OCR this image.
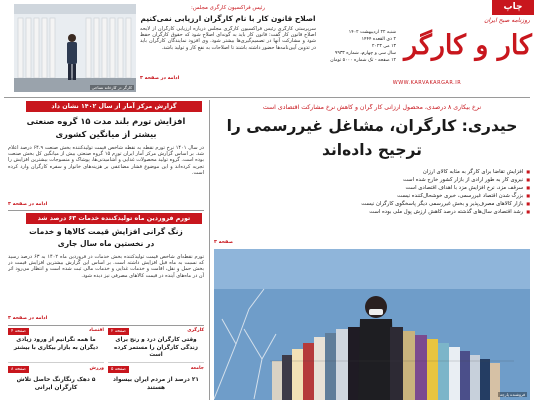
چاپ
روزنامه صبح ایران
کار و کارگر
شنبه ۲۲ اردیبهشت ۱۴۰۲
۲ ذی القعده ۱۴۴۴
۱۳ می ۲۰۲۳
سال سی و چهارم، شماره ۹۹۳۳
۱۲ صفحه - تک شماره ۵۰۰۰ تومان
WWW.KARVAKARGAR.IR
کارگر در کارخانه نساجی
رئیس فراکسیون کارگری مجلس:
اصلاح قانون کار با نام کارگران ارزیابی نمی‌کنیم
سرپرستی کارگری رئیس فراکسیون کارگری مجلس درباره ارزیابی کارگران از لایحه اصلاح قانون کار گفت: قانون کار باید به گونه‌ای اصلاح شود که حقوق کارگران حفظ شود و مشارکت آنها در تصمیم‌گیری‌ها بیشتر شود. وی افزود نمایندگان کارگران باید در تدوین آیین‌نامه‌ها حضور داشته باشند تا اصلاحات به نفع کار و تولید باشد.
ادامه در صفحه ۳
گزارش مرکز آمار از سال ۱۴۰۲ نشان داد
افزایش تورم بلند مدت ۱۵ گروه صنعتی
بیشتر از میانگین کشوری
در سال ۱۴۰۱ نرخ تورم نقطه به نقطه شاخص قیمت تولیدکننده بخش صنعت ۶۴.۹ درصد اعلام شد. بر اساس گزارش مرکز آمار ایران تورم ۱۵ گروه صنعتی بیش از میانگین کل بخش صنعت بوده است. گروه تولید محصولات غذایی و آشامیدنی‌ها، پوشاک و منسوجات بیشترین افزایش را تجربه کرده‌اند و این موضوع فشار مضاعفی بر هزینه‌های خانوار و سفره کارگران وارد کرده است.
ادامه در صفحه ۳
تورم فروردین ماه تولیدکننده خدمات ۶۳ درصد شد
زنگ گرانی افزایش قیمت کالاها و خدمات
در نخستین ماه سال جاری
تورم نقطه‌ای شاخص قیمت تولیدکننده بخش خدمات در فروردین ماه ۱۴۰۲ به ۶۳ درصد رسید که نسبت به ماه قبل افزایش داشته است. بر اساس این گزارش بیشترین افزایش قیمت در بخش حمل و نقل، اقامت و خدمات غذایی و خدمات مالی ثبت شده است و انتظار می‌رود اثر آن در ماه‌های آینده در قیمت کالاهای مصرفی نیز دیده شود.
ادامه در صفحه ۳
کارگری
صفحه ۲
وقتی کارگران درد و رنج برای زندگی کارگران را مستمر کرده است
اقتصاد
صفحه ۴
ما همه نگرانیم از ورود زیادی دیگران به بازار بیکاری با بیشتر
جامعه
صفحه ۵
۲۱ درصد از مردم ایران بیسواد هستند
ورزش
صفحه ۸
۵ دهک رنگارنگ حاصل تلاش کارگران ایرانی
نرخ بیکاری ۸ درصدی، محصول ارزانی کار گران و کاهش نرخ مشارکت اقتصادی است
حیدری: کارگران، مشاغل غیررسمی را
ترجیح داده‌اند
■ افزایش تقاضا برای کارگر به مثابه کالای ارزان
■ نیروی کار به طور ارادی از بازار کشور خارج شده است
■ سرقف مزد، نرخ افزایش مزد با اهداف اقتصادی است
■ بزرگ شدن اقتصاد غیررسمی، خبری خوشحال‌کننده نیست
■ بازار کالاهای مصرف‌پذیر و بخش غیررسمی دیگر پاسخگوی کارگران نیست
■ رشد اقتصادی سال‌های گذشته درصد کاهش ارزش پول ملی بوده است
صفحه ۳
فروشنده پارچه
